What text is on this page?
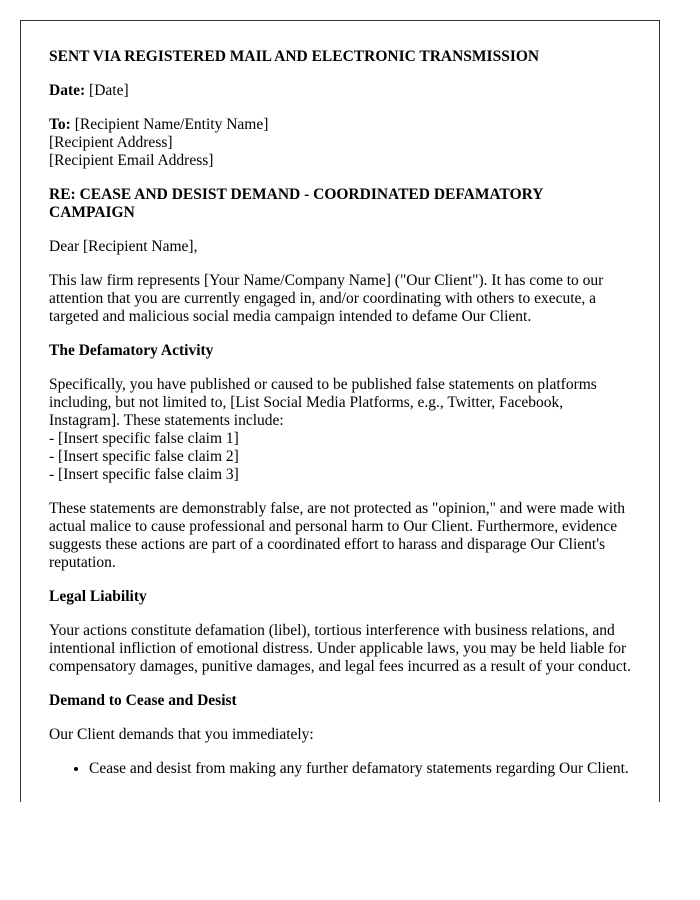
SENT VIA REGISTERED MAIL AND ELECTRONIC TRANSMISSION

Date: [Date]

To: [Recipient Name/Entity Name]
[Recipient Address]
[Recipient Email Address]

RE: CEASE AND DESIST DEMAND - COORDINATED DEFAMATORY CAMPAIGN

Dear [Recipient Name],

This law firm represents [Your Name/Company Name] ("Our Client"). It has come to our attention that you are currently engaged in, and/or coordinating with others to execute, a targeted and malicious social media campaign intended to defame Our Client.

The Defamatory Activity

Specifically, you have published or caused to be published false statements on platforms including, but not limited to, [List Social Media Platforms, e.g., Twitter, Facebook, Instagram]. These statements include:
- [Insert specific false claim 1]
- [Insert specific false claim 2]
- [Insert specific false claim 3]

These statements are demonstrably false, are not protected as "opinion," and were made with actual malice to cause professional and personal harm to Our Client. Furthermore, evidence suggests these actions are part of a coordinated effort to harass and disparage Our Client's reputation.

Legal Liability

Your actions constitute defamation (libel), tortious interference with business relations, and intentional infliction of emotional distress. Under applicable laws, you may be held liable for compensatory damages, punitive damages, and legal fees incurred as a result of your conduct.

Demand to Cease and Desist

Our Client demands that you immediately:

• Cease and desist from making any further defamatory statements regarding Our Client.
